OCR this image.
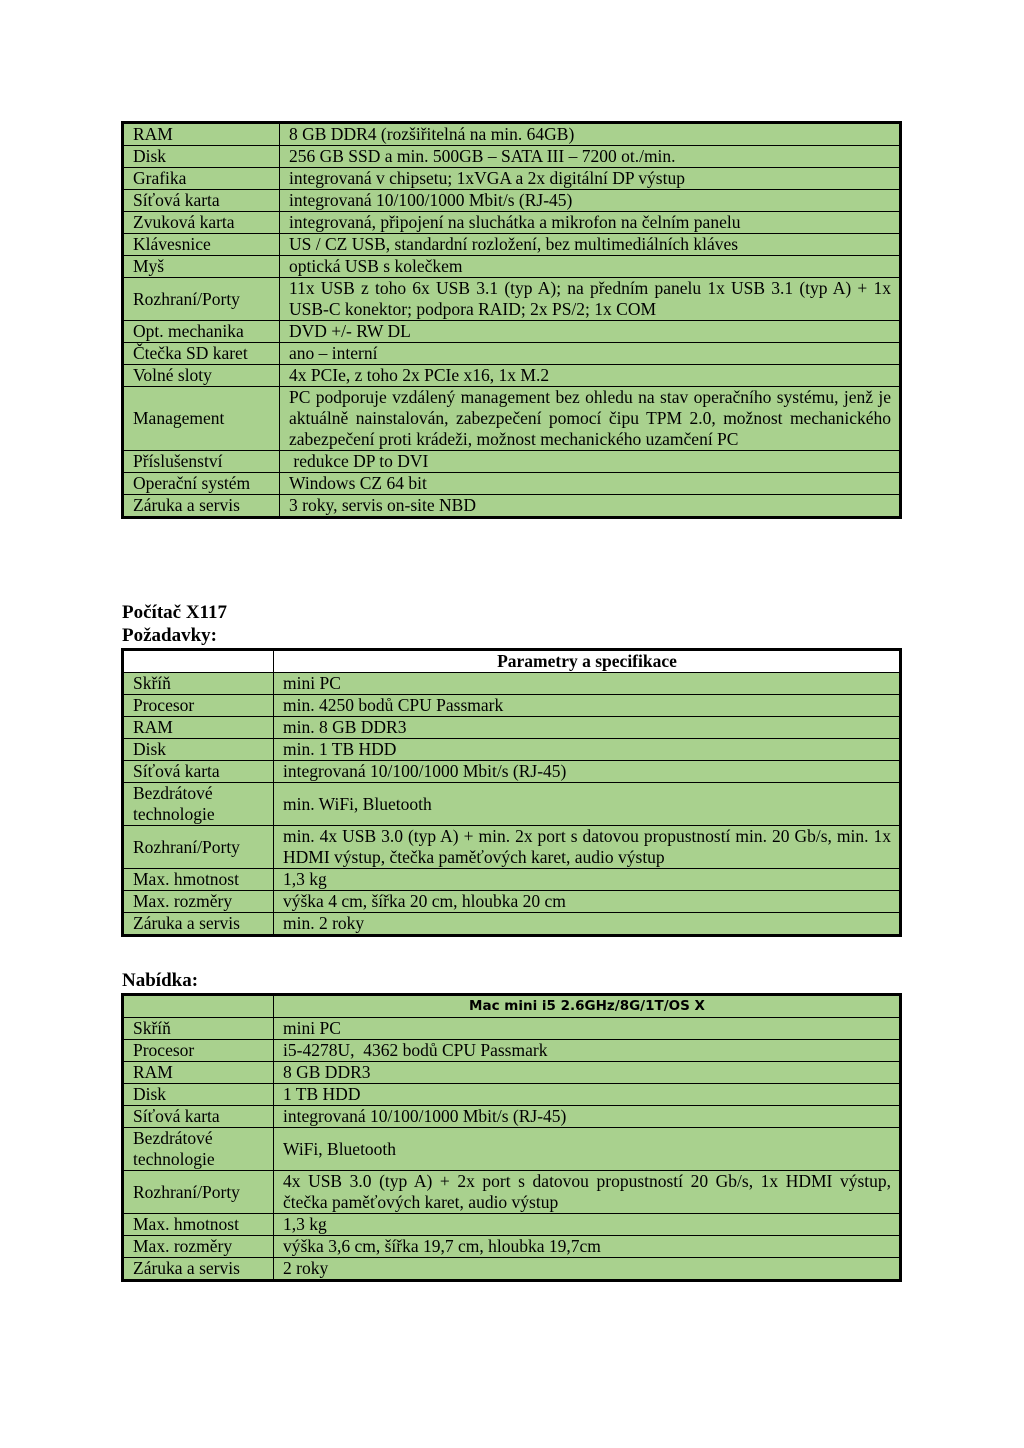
RAM	8 GB DDR4 (rozšiřitelná na min. 64GB)
Disk	256 GB SSD a min. 500GB – SATA III – 7200 ot./min.
Grafika	integrovaná v chipsetu; 1xVGA a 2x digitální DP výstup
Síťová karta	integrovaná 10/100/1000 Mbit/s (RJ-45)
Zvuková karta	integrovaná, připojení na sluchátka a mikrofon na čelním panelu
Klávesnice	US / CZ USB, standardní rozložení, bez multimediálních kláves
Myš	optická USB s kolečkem
Rozhraní/Porty	11x USB z toho 6x USB 3.1 (typ A); na předním panelu 1x USB 3.1 (typ A) + 1x USB-C konektor; podpora RAID; 2x PS/2; 1x COM
Opt. mechanika	DVD +/- RW DL
Čtečka SD karet	ano – interní
Volné sloty	4x PCIe, z toho 2x PCIe x16, 1x M.2
Management	PC podporuje vzdálený management bez ohledu na stav operačního systému, jenž je aktuálně nainstalován, zabezpečení pomocí čipu TPM 2.0, možnost mechanického zabezpečení proti krádeži, možnost mechanického uzamčení PC
Příslušenství	redukce DP to DVI
Operační systém	Windows CZ 64 bit
Záruka a servis	3 roky, servis on-site NBD
Počítač X117
Požadavky:
	Parametry a specifikace
Skříň	mini PC
Procesor	min. 4250 bodů CPU Passmark
RAM	min. 8 GB DDR3
Disk	min. 1 TB HDD
Síťová karta	integrovaná 10/100/1000 Mbit/s (RJ-45)
Bezdrátové technologie	min. WiFi, Bluetooth
Rozhraní/Porty	min. 4x USB 3.0 (typ A) + min. 2x port s datovou propustností min. 20 Gb/s, min. 1x HDMI výstup, čtečka paměťových karet, audio výstup
Max. hmotnost	1,3 kg
Max. rozměry	výška 4 cm, šířka 20 cm, hloubka 20 cm
Záruka a servis	min. 2 roky
Nabídka:
	Mac mini i5 2.6GHz/8G/1T/OS X
Skříň	mini PC
Procesor	i5-4278U,  4362 bodů CPU Passmark
RAM	8 GB DDR3
Disk	1 TB HDD
Síťová karta	integrovaná 10/100/1000 Mbit/s (RJ-45)
Bezdrátové technologie	WiFi, Bluetooth
Rozhraní/Porty	4x USB 3.0 (typ A) + 2x port s datovou propustností 20 Gb/s, 1x HDMI výstup, čtečka paměťových karet, audio výstup
Max. hmotnost	1,3 kg
Max. rozměry	výška 3,6 cm, šířka 19,7 cm, hloubka 19,7cm
Záruka a servis	2 roky
